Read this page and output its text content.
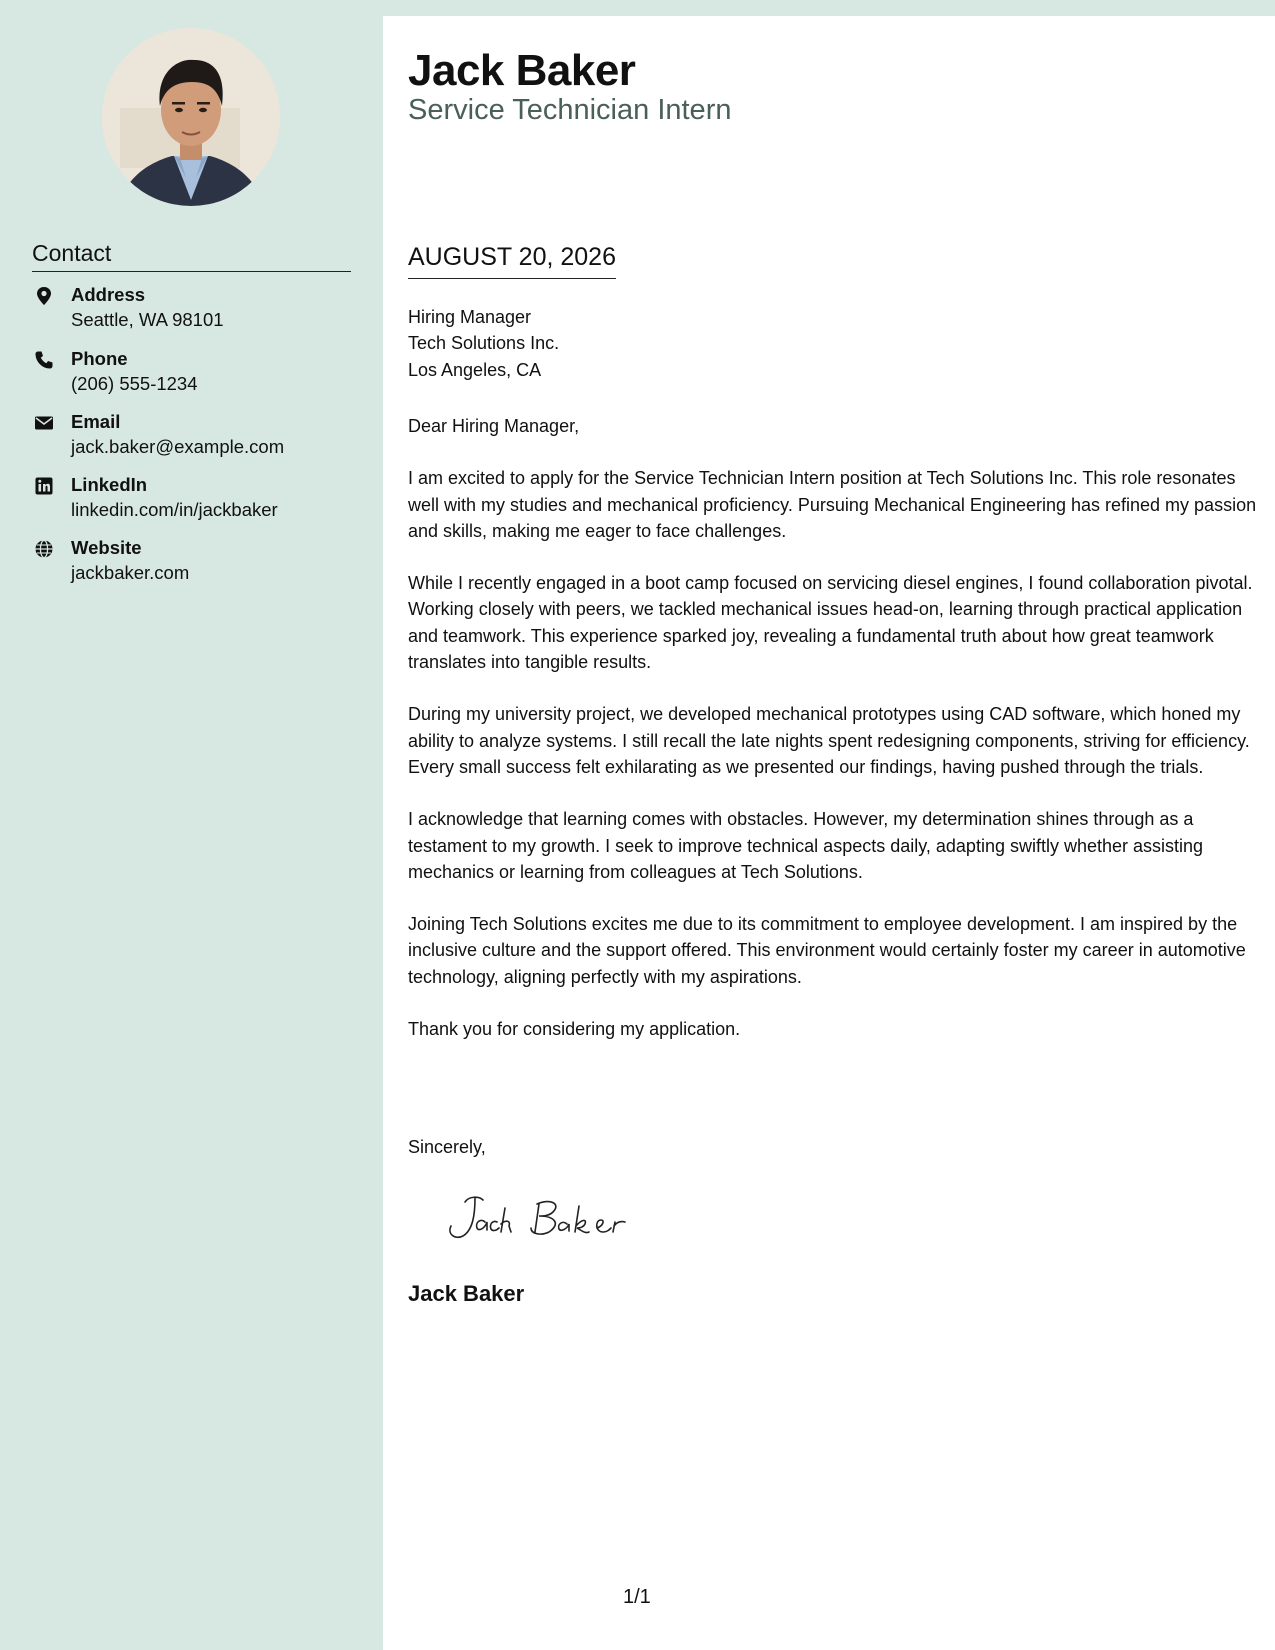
Contact
Address
Seattle, WA 98101
Phone
(206) 555-1234
Email
jack.baker@example.com
LinkedIn
linkedin.com/in/jackbaker
Website
jackbaker.com
Jack Baker
Service Technician Intern
AUGUST 20, 2026
Hiring Manager
Tech Solutions Inc.
Los Angeles, CA

Dear Hiring Manager,

I am excited to apply for the Service Technician Intern position at Tech Solutions Inc. This role resonates well with my studies and mechanical proficiency. Pursuing Mechanical Engineering has refined my passion and skills, making me eager to face challenges.

While I recently engaged in a boot camp focused on servicing diesel engines, I found collaboration pivotal. Working closely with peers, we tackled mechanical issues head-on, learning through practical application and teamwork. This experience sparked joy, revealing a fundamental truth about how great teamwork translates into tangible results.

During my university project, we developed mechanical prototypes using CAD software, which honed my ability to analyze systems. I still recall the late nights spent redesigning components, striving for efficiency. Every small success felt exhilarating as we presented our findings, having pushed through the trials.

I acknowledge that learning comes with obstacles. However, my determination shines through as a testament to my growth. I seek to improve technical aspects daily, adapting swiftly whether assisting mechanics or learning from colleagues at Tech Solutions.

Joining Tech Solutions excites me due to its commitment to employee development. I am inspired by the inclusive culture and the support offered. This environment would certainly foster my career in automotive technology, aligning perfectly with my aspirations.

Thank you for considering my application.

Sincerely,
Jack Baker
1/1
